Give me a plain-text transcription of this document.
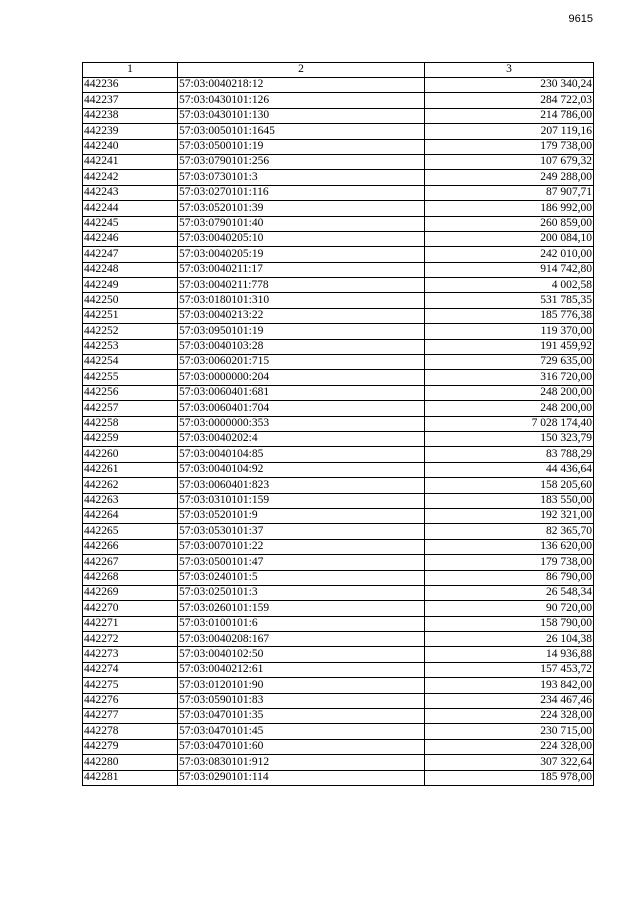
9615
1	2	3
442236	57:03:0040218:12	230 340,24
442237	57:03:0430101:126	284 722,03
442238	57:03:0430101:130	214 786,00
442239	57:03:0050101:1645	207 119,16
442240	57:03:0500101:19	179 738,00
442241	57:03:0790101:256	107 679,32
442242	57:03:0730101:3	249 288,00
442243	57:03:0270101:116	87 907,71
442244	57:03:0520101:39	186 992,00
442245	57:03:0790101:40	260 859,00
442246	57:03:0040205:10	200 084,10
442247	57:03:0040205:19	242 010,00
442248	57:03:0040211:17	914 742,80
442249	57:03:0040211:778	4 002,58
442250	57:03:0180101:310	531 785,35
442251	57:03:0040213:22	185 776,38
442252	57:03:0950101:19	119 370,00
442253	57:03:0040103:28	191 459,92
442254	57:03:0060201:715	729 635,00
442255	57:03:0000000:204	316 720,00
442256	57:03:0060401:681	248 200,00
442257	57:03:0060401:704	248 200,00
442258	57:03:0000000:353	7 028 174,40
442259	57:03:0040202:4	150 323,79
442260	57:03:0040104:85	83 788,29
442261	57:03:0040104:92	44 436,64
442262	57:03:0060401:823	158 205,60
442263	57:03:0310101:159	183 550,00
442264	57:03:0520101:9	192 321,00
442265	57:03:0530101:37	82 365,70
442266	57:03:0070101:22	136 620,00
442267	57:03:0500101:47	179 738,00
442268	57:03:0240101:5	86 790,00
442269	57:03:0250101:3	26 548,34
442270	57:03:0260101:159	90 720,00
442271	57:03:0100101:6	158 790,00
442272	57:03:0040208:167	26 104,38
442273	57:03:0040102:50	14 936,88
442274	57:03:0040212:61	157 453,72
442275	57:03:0120101:90	193 842,00
442276	57:03:0590101:83	234 467,46
442277	57:03:0470101:35	224 328,00
442278	57:03:0470101:45	230 715,00
442279	57:03:0470101:60	224 328,00
442280	57:03:0830101:912	307 322,64
442281	57:03:0290101:114	185 978,00
